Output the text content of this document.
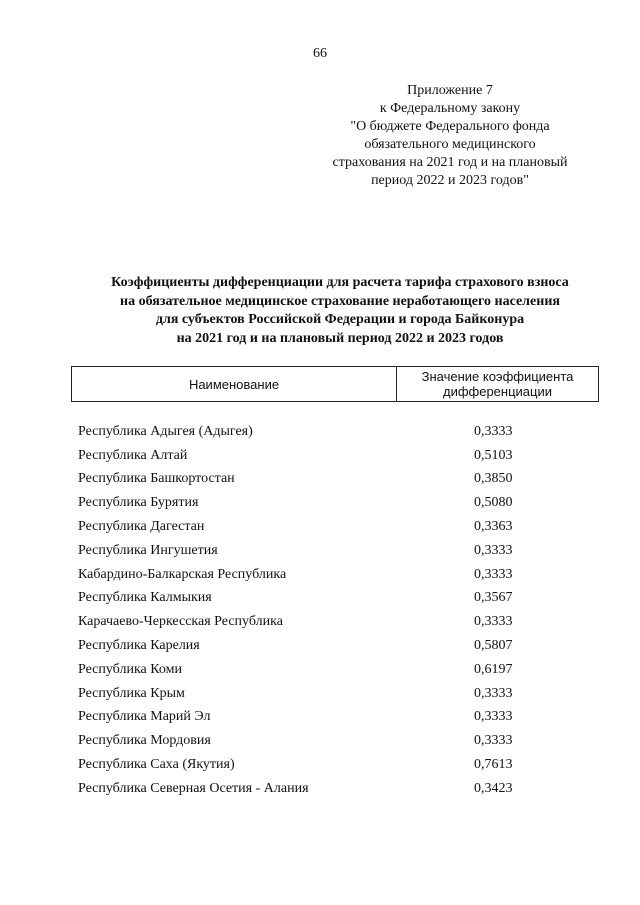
66
Приложение 7
к Федеральному закону
"О бюджете Федерального фонда
обязательного медицинского
страхования на 2021 год и на плановый
период 2022 и 2023 годов"
Коэффициенты дифференциации для расчета тарифа страхового взноса
на обязательное медицинское страхование неработающего населения
для субъектов Российской Федерации и города Байконура
на 2021 год и на плановый период 2022 и 2023 годов
Наименование	Значение коэффициента
дифференциации
Республика Адыгея (Адыгея)	0,3333
Республика Алтай	0,5103
Республика Башкортостан	0,3850
Республика Бурятия	0,5080
Республика Дагестан	0,3363
Республика Ингушетия	0,3333
Кабардино-Балкарская Республика	0,3333
Республика Калмыкия	0,3567
Карачаево-Черкесская Республика	0,3333
Республика Карелия	0,5807
Республика Коми	0,6197
Республика Крым	0,3333
Республика Марий Эл	0,3333
Республика Мордовия	0,3333
Республика Саха (Якутия)	0,7613
Республика Северная Осетия - Алания	0,3423
